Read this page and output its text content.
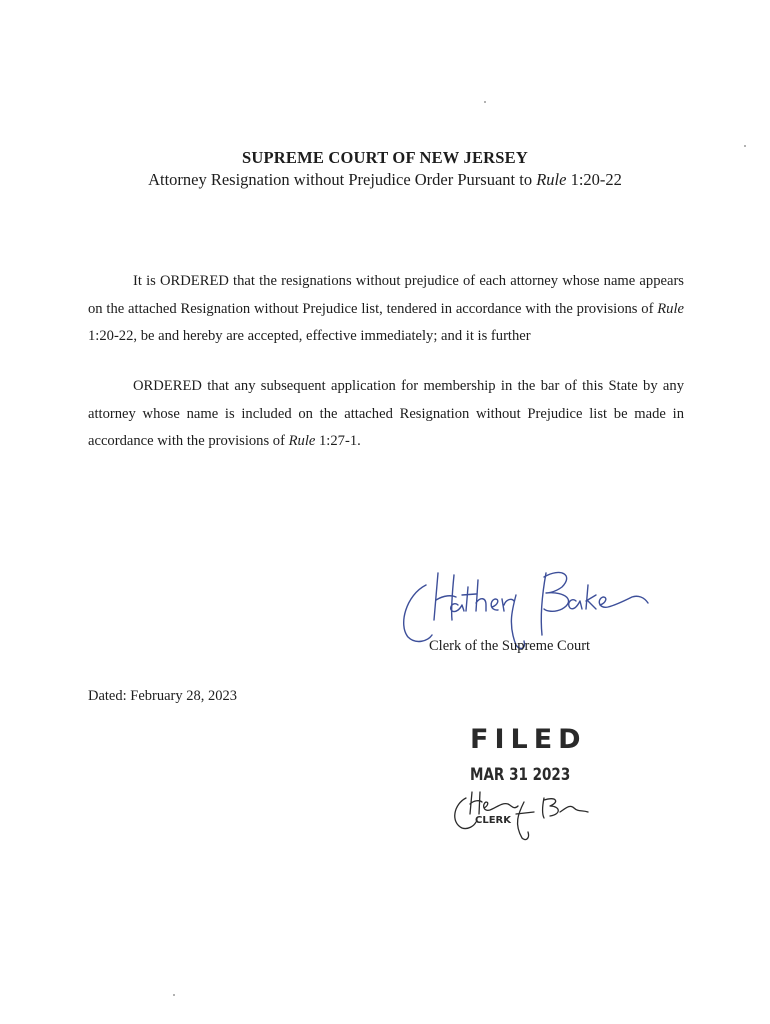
SUPREME COURT OF NEW JERSEY
Attorney Resignation without Prejudice Order Pursuant to Rule 1:20-22

It is ORDERED that the resignations without prejudice of each attorney whose name appears on the attached Resignation without Prejudice list, tendered in accordance with the provisions of Rule 1:20-22, be and hereby are accepted, effective immediately; and it is further

ORDERED that any subsequent application for membership in the bar of this State by any attorney whose name is included on the attached Resignation without Prejudice list be made in accordance with the provisions of Rule 1:27-1.

Clerk of the Supreme Court
Dated: February 28, 2023
FILED
MAR 31 2023
CLERK
